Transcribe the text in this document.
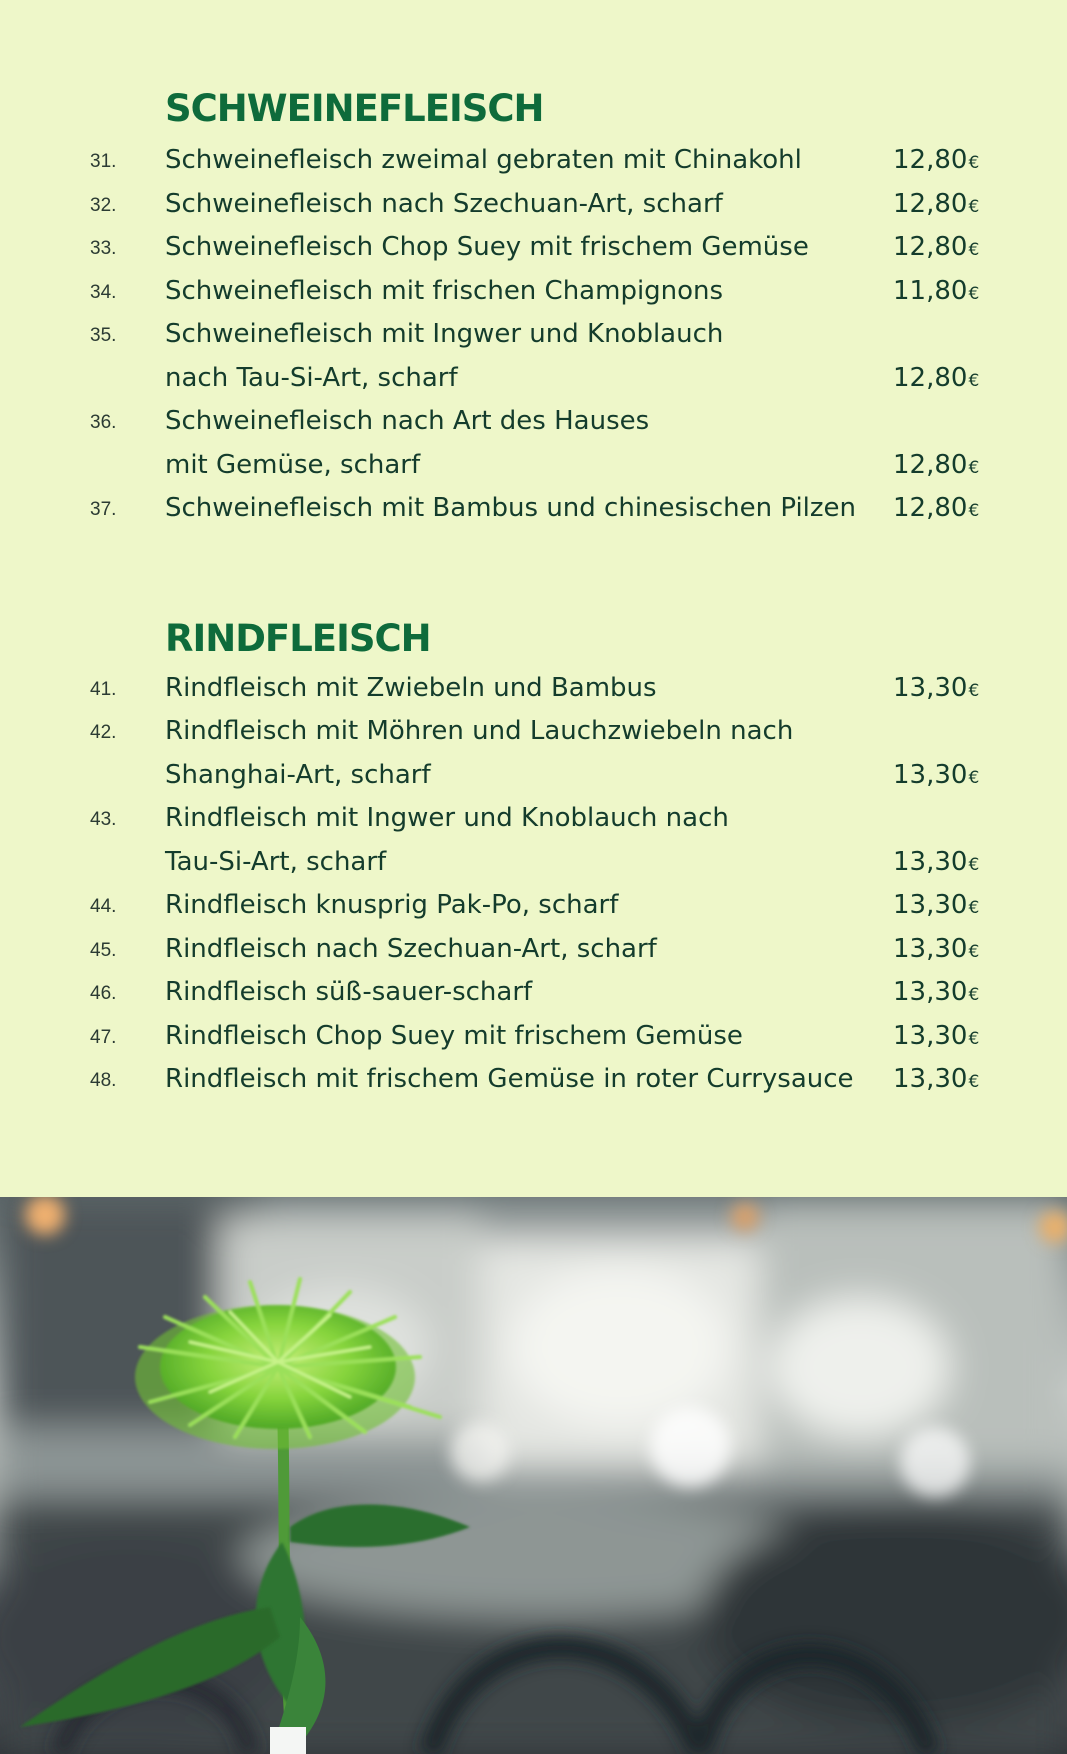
SCHWEINEFLEISCH
31.	Schweinefleisch zweimal gebraten mit Chinakohl	12,80€
32.	Schweinefleisch nach Szechuan-Art, scharf	12,80€
33.	Schweinefleisch Chop Suey mit frischem Gemüse	12,80€
34.	Schweinefleisch mit frischen Champignons	11,80€
35.	Schweinefleisch mit Ingwer und Knoblauch
nach Tau-Si-Art, scharf	12,80€
36.	Schweinefleisch nach Art des Hauses
mit Gemüse, scharf	12,80€
37.	Schweinefleisch mit Bambus und chinesischen Pilzen	12,80€
RINDFLEISCH
41.	Rindfleisch mit Zwiebeln und Bambus	13,30€
42.	Rindfleisch mit Möhren und Lauchzwiebeln nach
Shanghai-Art, scharf	13,30€
43.	Rindfleisch mit Ingwer und Knoblauch nach
Tau-Si-Art, scharf	13,30€
44.	Rindfleisch knusprig Pak-Po, scharf	13,30€
45.	Rindfleisch nach Szechuan-Art, scharf	13,30€
46.	Rindfleisch süß-sauer-scharf	13,30€
47.	Rindfleisch Chop Suey mit frischem Gemüse	13,30€
48.	Rindfleisch mit frischem Gemüse in roter Currysauce	13,30€
